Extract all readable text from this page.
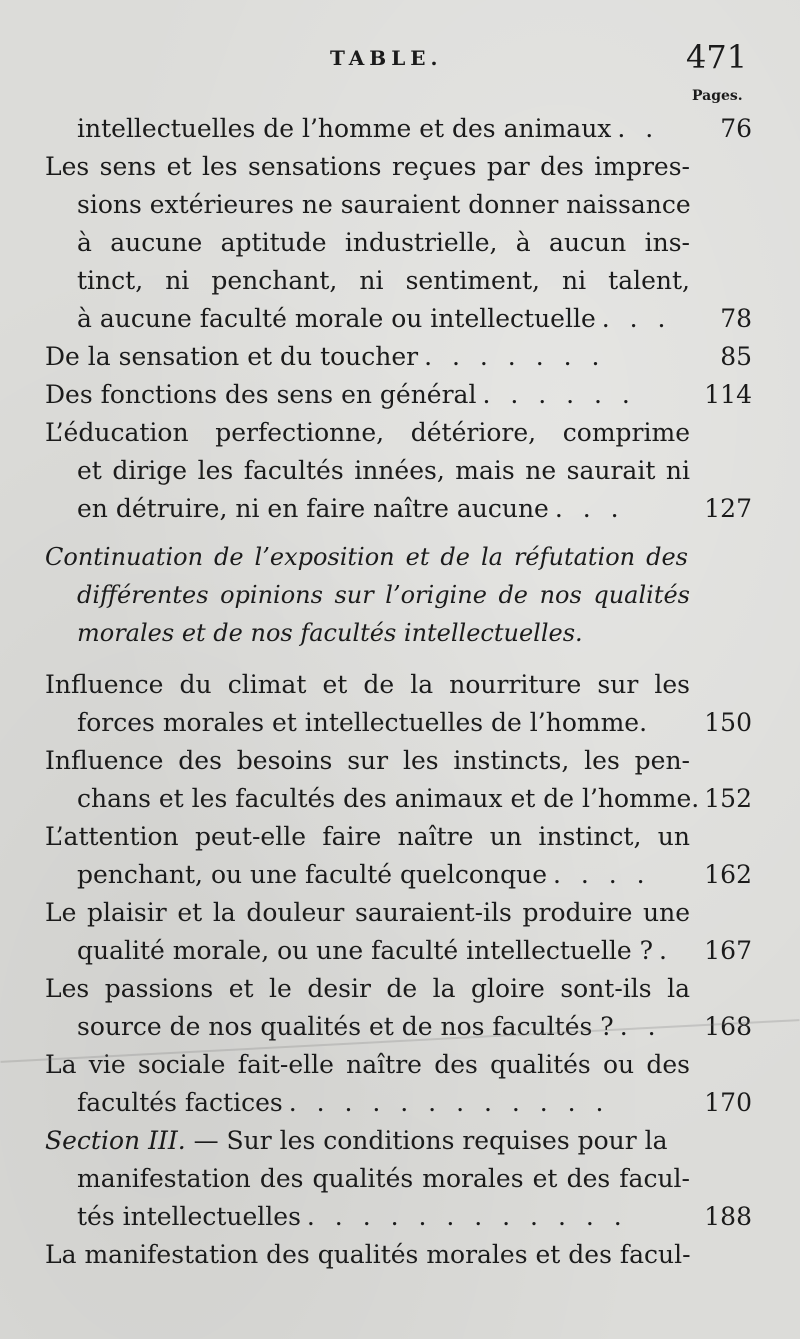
TABLE.	471
Pages.
intellectuelles de l’homme et des animaux . . 76
Les sens et les sensations reçues par des impres-
sions extérieures ne sauraient donner naissance
à aucune aptitude industrielle, à aucun ins-
tinct, ni penchant, ni sentiment, ni talent,
à aucune faculté morale ou intellectuelle . . . 78
De la sensation et du toucher . . . . . . .	85
Des fonctions des sens en général . . . . . .	114
L’éducation perfectionne, détériore, comprime
et dirige les facultés innées, mais ne saurait ni
en détruire, ni en faire naître aucune . . .	127
Continuation de l’exposition et de la réfutation des
différentes opinions sur l’origine de nos qualités
morales et de nos facultés intellectuelles.
Influence du climat et de la nourriture sur les
forces morales et intellectuelles de l’homme. 150
Influence des besoins sur les instincts, les pen-
chans et les facultés des animaux et de l’homme. 152
L’attention peut-elle faire naître un instinct, un
penchant, ou une faculté quelconque . . . . 162
Le plaisir et la douleur sauraient-ils produire une
qualité morale, ou une faculté intellectuelle ? . 167
Les passions et le desir de la gloire sont-ils la
source de nos qualités et de nos facultés ? . . 168
La vie sociale fait-elle naître des qualités ou des
facultés factices . . . . . . . . . . . .	170
Section III. — Sur les conditions requises pour la
manifestation des qualités morales et des facul-
tés intellectuelles . . . . . . . . . . . .	188
La manifestation des qualités morales et des facul-
